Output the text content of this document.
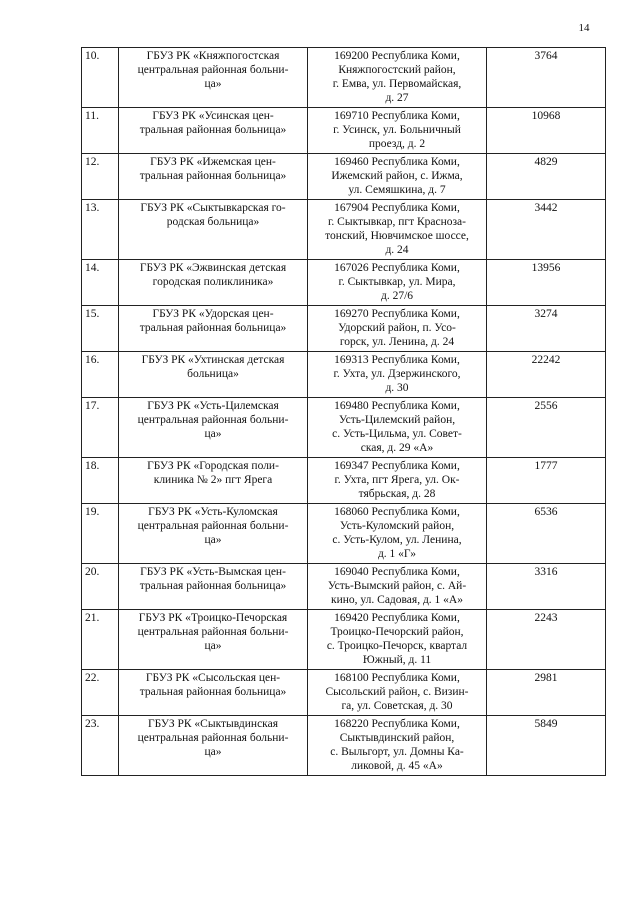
14
10.	ГБУЗ РК «Княжпогостская
центральная районная больни-
ца»	169200 Республика Коми,
Княжпогостский район,
г. Емва, ул. Первомайская,
д. 27	3764
11.	ГБУЗ РК «Усинская цен-
тральная районная больница»	169710 Республика Коми,
г. Усинск, ул. Больничный
проезд, д. 2	10968
12.	ГБУЗ РК «Ижемская цен-
тральная районная больница»	169460 Республика Коми,
Ижемский район, с. Ижма,
ул. Семяшкина, д. 7	4829
13.	ГБУЗ РК «Сыктывкарская го-
родская больница»	167904 Республика Коми,
г. Сыктывкар, пгт Красноза-
тонский, Нювчимское шоссе,
д. 24	3442
14.	ГБУЗ РК «Эжвинская детская
городская поликлиника»	167026 Республика Коми,
г. Сыктывкар, ул. Мира,
д. 27/6	13956
15.	ГБУЗ РК «Удорская цен-
тральная районная больница»	169270 Республика Коми,
Удорский район, п. Усо-
горск, ул. Ленина, д. 24	3274
16.	ГБУЗ РК «Ухтинская детская
больница»	169313 Республика Коми,
г. Ухта, ул. Дзержинского,
д. 30	22242
17.	ГБУЗ РК «Усть-Цилемская
центральная районная больни-
ца»	169480 Республика Коми,
Усть-Цилемский район,
с. Усть-Цильма, ул. Совет-
ская, д. 29 «А»	2556
18.	ГБУЗ РК «Городская поли-
клиника № 2» пгт Ярега	169347 Республика Коми,
г. Ухта, пгт Ярега, ул. Ок-
тябрьская, д. 28	1777
19.	ГБУЗ РК «Усть-Куломская
центральная районная больни-
ца»	168060 Республика Коми,
Усть-Куломский район,
с. Усть-Кулом, ул. Ленина,
д. 1 «Г»	6536
20.	ГБУЗ РК «Усть-Вымская цен-
тральная районная больница»	169040 Республика Коми,
Усть-Вымский район, с. Ай-
кино, ул. Садовая, д. 1 «А»	3316
21.	ГБУЗ РК «Троицко-Печорская
центральная районная больни-
ца»	169420 Республика Коми,
Троицко-Печорский район,
с. Троицко-Печорск, квартал
Южный, д. 11	2243
22.	ГБУЗ РК «Сысольская цен-
тральная районная больница»	168100 Республика Коми,
Сысольский район, с. Визин-
га, ул. Советская, д. 30	2981
23.	ГБУЗ РК «Сыктывдинская
центральная районная больни-
ца»	168220 Республика Коми,
Сыктывдинский район,
с. Выльгорт, ул. Домны Ка-
ликовой, д. 45 «А»	5849
